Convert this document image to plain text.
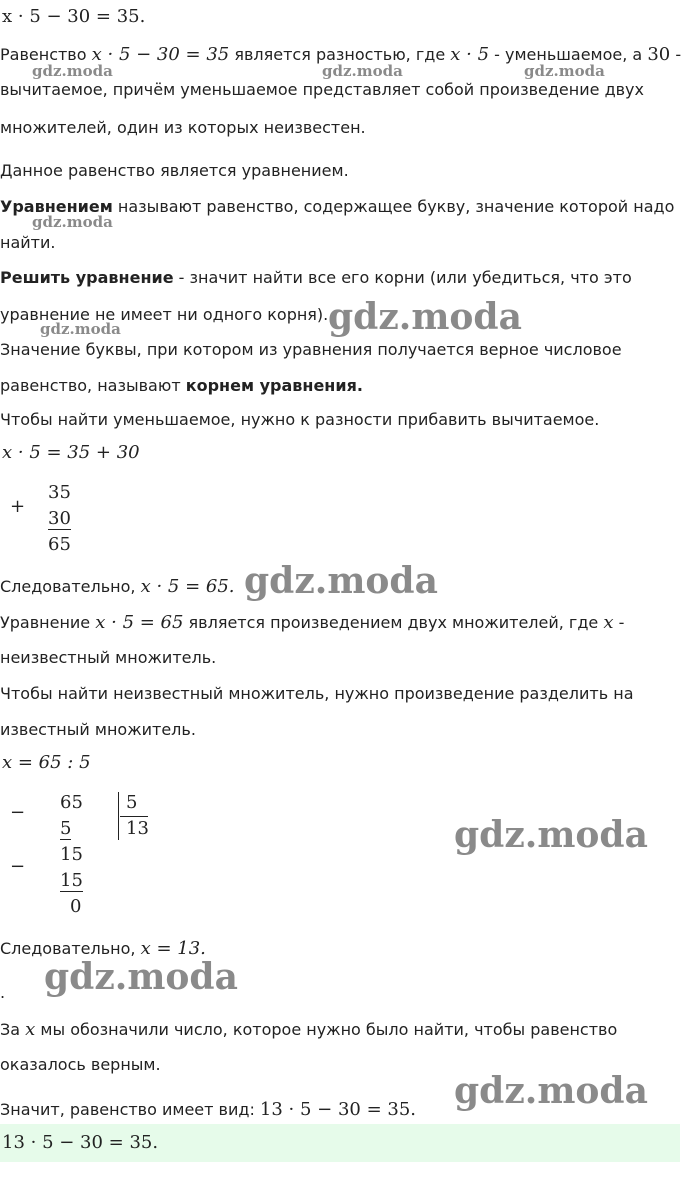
x · 5 − 30 = 35.
Равенство x · 5 − 30 = 35 является разностью, где x · 5 - уменьшаемое, а 30 -
gdz.moda	gdz.moda	gdz.moda
вычитаемое, причём уменьшаемое представляет собой произведение двух
множителей, один из которых неизвестен.
Данное равенство является уравнением.
Уравнением называют равенство, содержащее букву, значение которой надо
gdz.moda
найти.
Решить уравнение - значит найти все его корни (или убедиться, что это
уравнение не имеет ни одного корня). gdz.moda
gdz.moda
Значение буквы, при котором из уравнения получается верное числовое
равенство, называют корнем уравнения.
Чтобы найти уменьшаемое, нужно к разности прибавить вычитаемое.
x · 5 = 35 + 30
+
35
30
65
Следовательно, x · 5 = 65. gdz.moda
Уравнение x · 5 = 65 является произведением двух множителей, где x -
неизвестный множитель.
Чтобы найти неизвестный множитель, нужно произведение разделить на
известный множитель.
x = 65 : 5
− 65
5
5
13
−
15
15
0
gdz.moda
Следовательно, x = 13.
gdz.moda
.
За x мы обозначили число, которое нужно было найти, чтобы равенство
оказалось верным.
Значит, равенство имеет вид: 13 · 5 − 30 = 35. gdz.moda
13 · 5 − 30 = 35.
